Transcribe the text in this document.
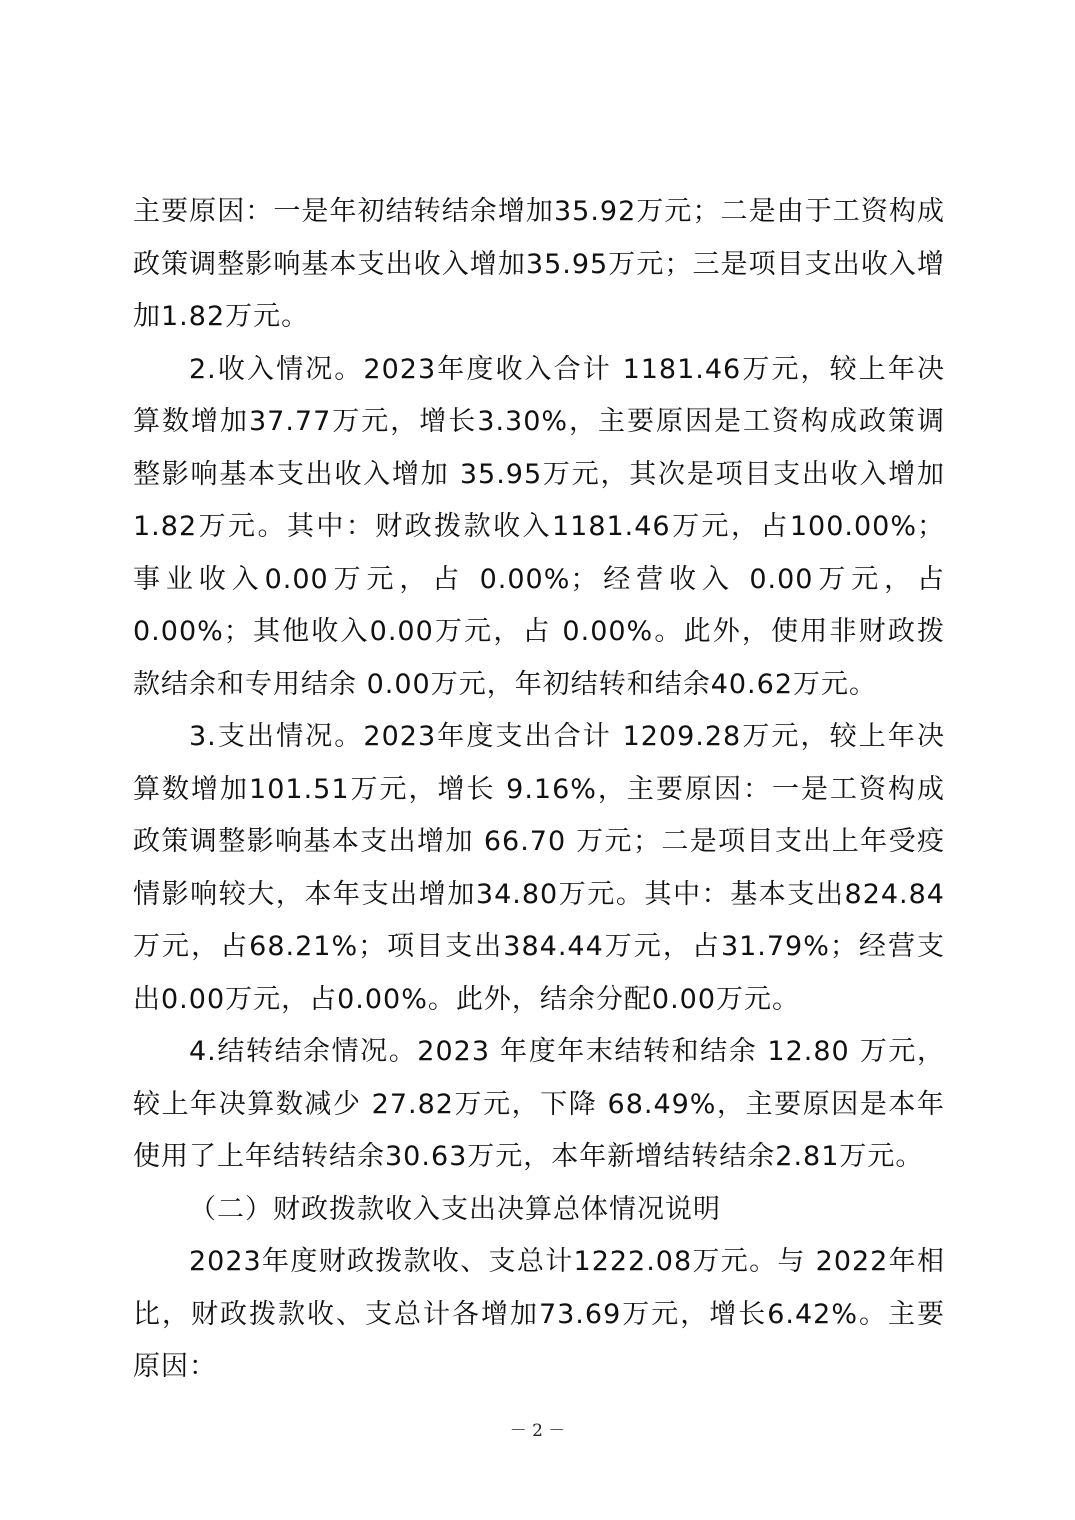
主要原因：一是年初结转结余增加35.92万元；二是由于工资构成政策调整影响基本支出收入增加35.95万元；三是项目支出收入增加1.82万元。

2.收入情况。2023年度收入合计 1181.46万元，较上年决算数增加37.77万元，增长3.30%，主要原因是工资构成政策调整影响基本支出收入增加 35.95万元，其次是项目支出收入增加 1.82万元。其中：财政拨款收入1181.46万元，占100.00%；事业收入0.00万元，占 0.00%；经营收入 0.00万元，占 0.00%；其他收入0.00万元，占 0.00%。此外，使用非财政拨款结余和专用结余 0.00万元，年初结转和结余40.62万元。

3.支出情况。2023年度支出合计 1209.28万元，较上年决算数增加101.51万元，增长 9.16%，主要原因：一是工资构成政策调整影响基本支出增加 66.70 万元；二是项目支出上年受疫情影响较大，本年支出增加34.80万元。其中：基本支出824.84万元，占68.21%；项目支出384.44万元，占31.79%；经营支出0.00万元，占0.00%。此外，结余分配0.00万元。

4.结转结余情况。2023 年度年末结转和结余 12.80 万元，较上年决算数减少 27.82万元，下降 68.49%，主要原因是本年使用了上年结转结余30.63万元，本年新增结转结余2.81万元。

（二）财政拨款收入支出决算总体情况说明

2023年度财政拨款收、支总计1222.08万元。与 2022年相比，财政拨款收、支总计各增加73.69万元，增长6.42%。主要原因：

－ 2 －
